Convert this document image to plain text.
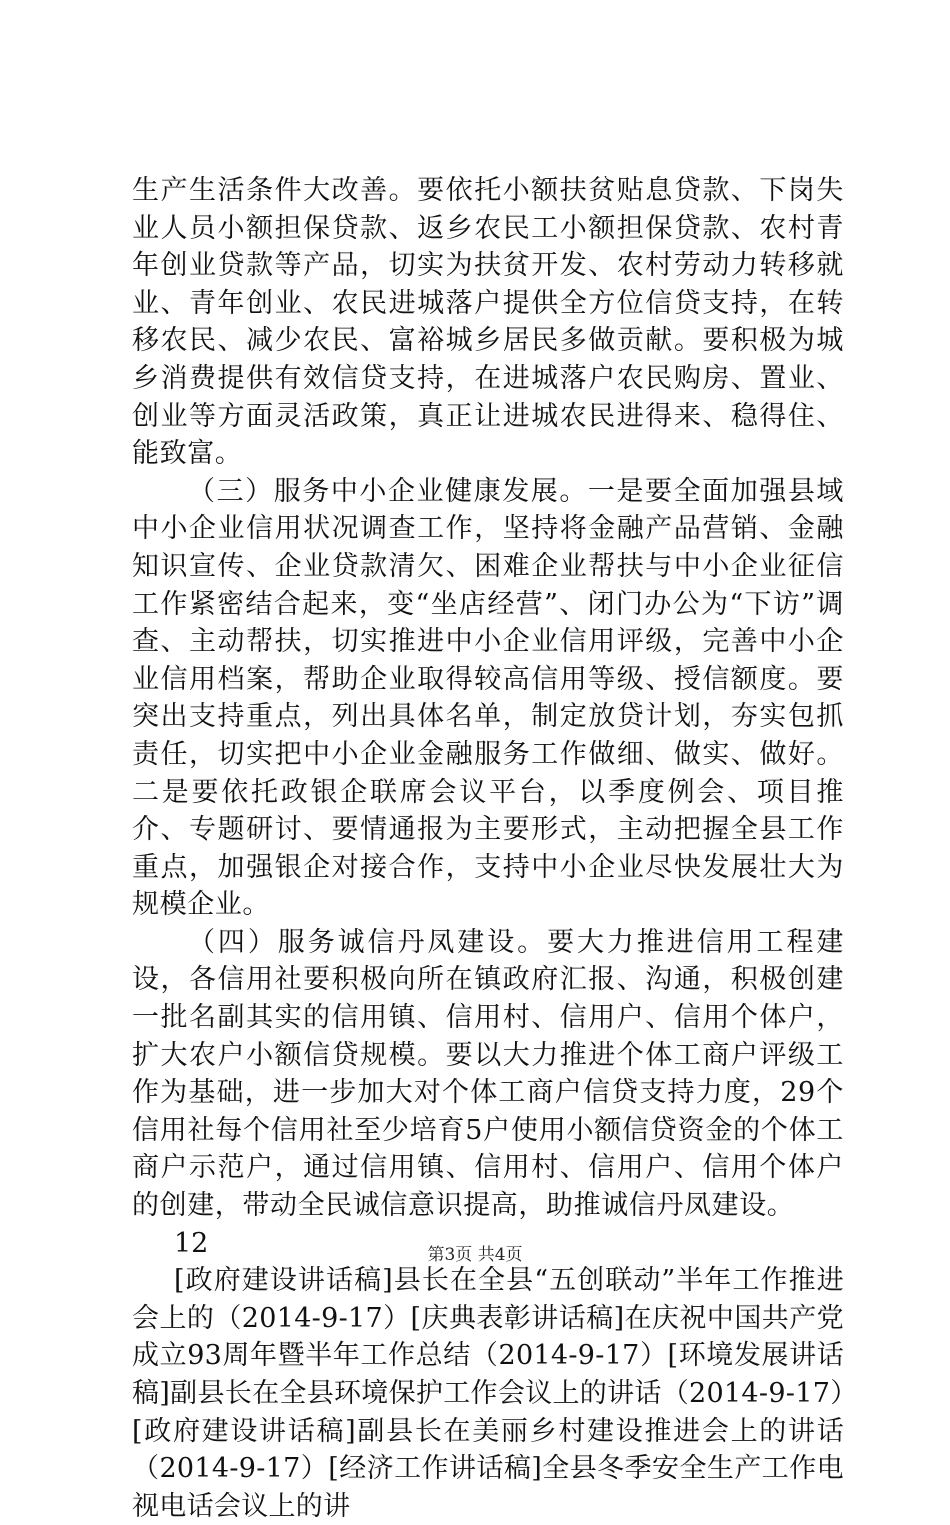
生产生活条件大改善。要依托小额扶贫贴息贷款、下岗失业人员小额担保贷款、返乡农民工小额担保贷款、农村青年创业贷款等产品，切实为扶贫开发、农村劳动力转移就业、青年创业、农民进城落户提供全方位信贷支持，在转移农民、减少农民、富裕城乡居民多做贡献。要积极为城乡消费提供有效信贷支持，在进城落户农民购房、置业、创业等方面灵活政策，真正让进城农民进得来、稳得住、能致富。

（三）服务中小企业健康发展。一是要全面加强县域中小企业信用状况调查工作，坚持将金融产品营销、金融知识宣传、企业贷款清欠、困难企业帮扶与中小企业征信工作紧密结合起来，变“坐店经营”、闭门办公为“下访”调查、主动帮扶，切实推进中小企业信用评级，完善中小企业信用档案，帮助企业取得较高信用等级、授信额度。要突出支持重点，列出具体名单，制定放贷计划，夯实包抓责任，切实把中小企业金融服务工作做细、做实、做好。二是要依托政银企联席会议平台，以季度例会、项目推介、专题研讨、要情通报为主要形式，主动把握全县工作重点，加强银企对接合作，支持中小企业尽快发展壮大为规模企业。

（四）服务诚信丹凤建设。要大力推进信用工程建设，各信用社要积极向所在镇政府汇报、沟通，积极创建一批名副其实的信用镇、信用村、信用户、信用个体户，扩大农户小额信贷规模。要以大力推进个体工商户评级工作为基础，进一步加大对个体工商户信贷支持力度，29个信用社每个信用社至少培育5户使用小额信贷资金的个体工商户示范户，通过信用镇、信用村、信用户、信用个体户的创建，带动全民诚信意识提高，助推诚信丹凤建设。

12

[政府建设讲话稿]县长在全县“五创联动”半年工作推进会上的（2014-9-17）[庆典表彰讲话稿]在庆祝中国共产党成立93周年暨半年工作总结（2014-9-17）[环境发展讲话稿]副县长在全县环境保护工作会议上的讲话（2014-9-17）[政府建设讲话稿]副县长在美丽乡村建设推进会上的讲话（2014-9-17）[经济工作讲话稿]全县冬季安全生产工作电视电话会议上的讲

第3页 共4页
